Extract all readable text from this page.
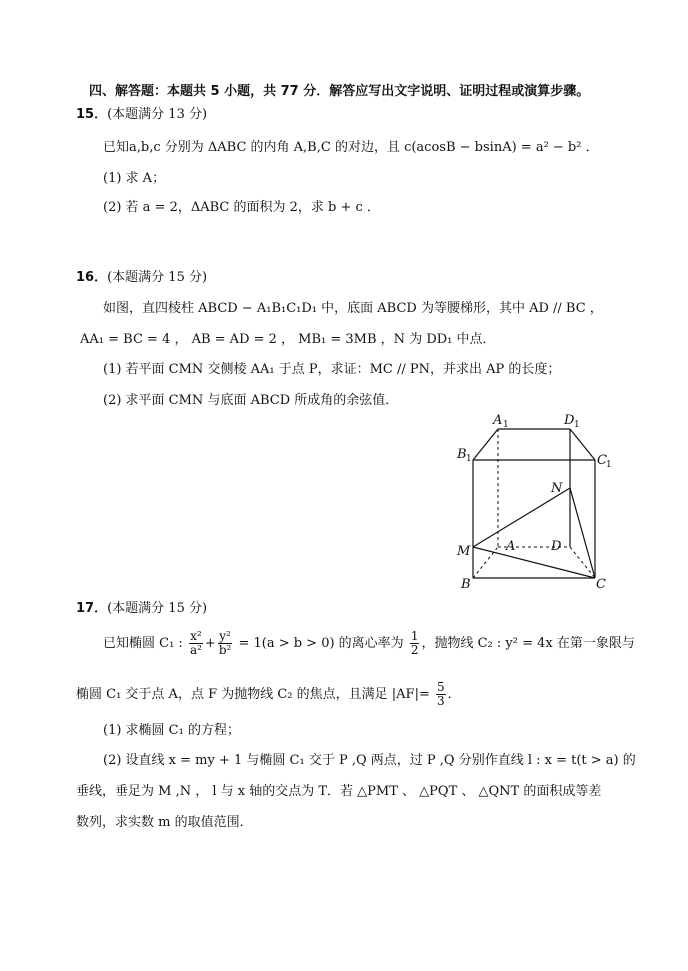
四、解答题：本题共 5 小题，共 77 分．解答应写出文字说明、证明过程或演算步骤。
15．(本题满分 13 分)
已知a,b,c 分别为 ΔABC 的内角 A,B,C 的对边，且 c(acosB − bsinA) = a² − b² ．
(1) 求 A；
(2) 若 a = 2，ΔABC 的面积为 2，求 b + c ．
16．(本题满分 15 分)
如图，直四棱柱 ABCD − A₁B₁C₁D₁ 中，底面 ABCD 为等腰梯形，其中 AD // BC ，
AA₁ = BC = 4 ， AB = AD = 2 ， MB₁ = 3MB ，N 为 DD₁ 中点．
(1) 若平面 CMN 交侧棱 AA₁ 于点 P，求证：MC // PN，并求出 AP 的长度；
(2) 求平面 CMN 与底面 ABCD 所成角的余弦值．
A 1	D 1
B 1	C 1
N
M	A	D
B	C
17．(本题满分 15 分)
已知椭圆 C₁ : $\frac{\text{x²}}{\text{a²}} + \frac{\text{y²}}{\text{b²}} = 1(a > b > 0)$ 的离心率为 $\frac{1}{2}$ ，抛物线 C₂ : y² = 4x 在第一象限与
椭圆 C₁ 交于点 A，点 F 为抛物线 C₂ 的焦点，且满足 $|AF|= \frac{5}{3}$ ．
(1) 求椭圆 C₁ 的方程；
(2) 设直线 x = my + 1 与椭圆 C₁ 交于 P ,Q 两点，过 P ,Q 分别作直线 l : x = t(t > a) 的
垂线，垂足为 M ,N ， l 与 x 轴的交点为 T．若 △PMT 、 △PQT 、 △QNT 的面积成等差
数列，求实数 m 的取值范围．
